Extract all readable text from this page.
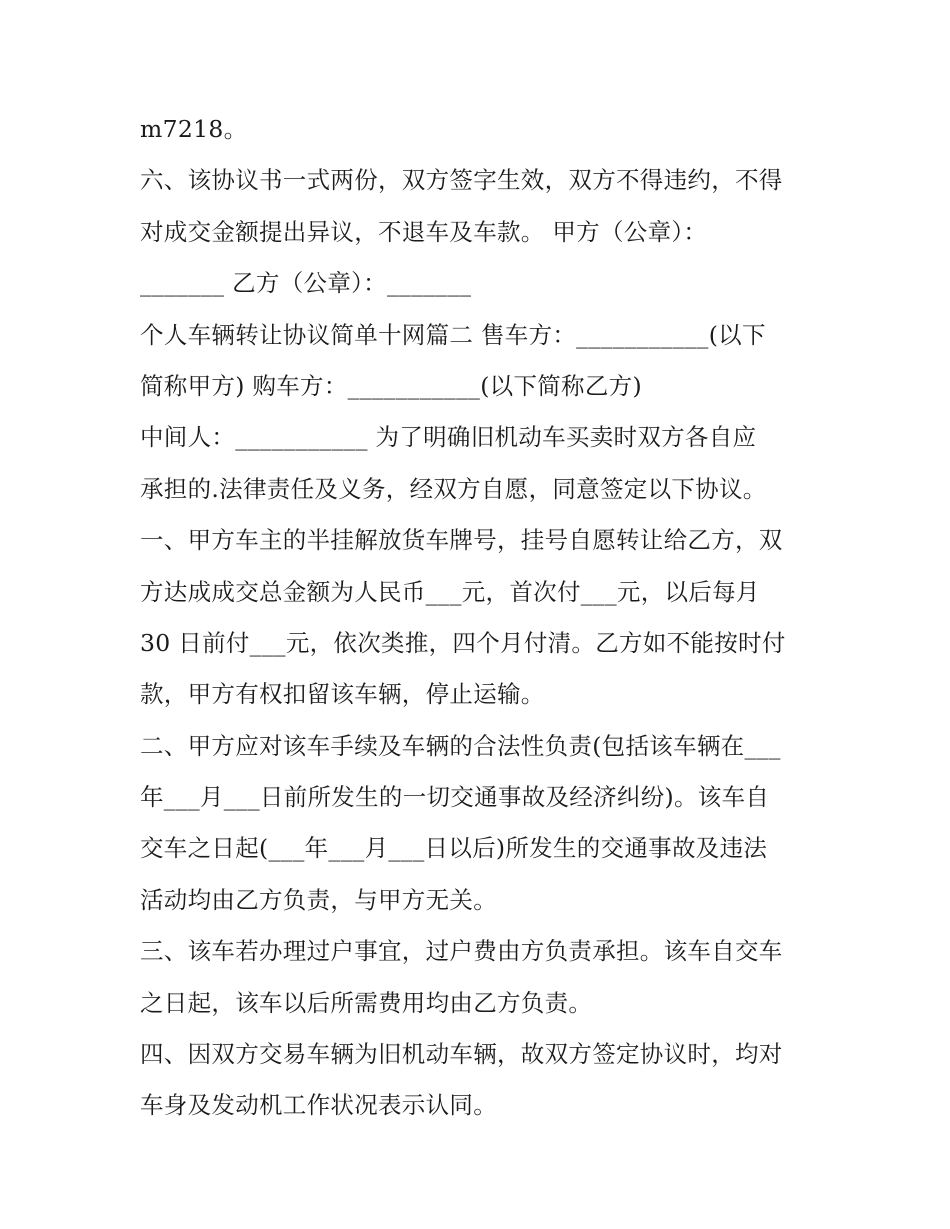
m7218。
六、该协议书一式两份，双方签字生效，双方不得违约，不得
对成交金额提出异议，不退车及车款。 甲方（公章）：
_______ 乙方（公章）：_______
个人车辆转让协议简单十网篇二 售车方：___________(以下
简称甲方) 购车方：___________(以下简称乙方)
中间人：___________ 为了明确旧机动车买卖时双方各自应
承担的.法律责任及义务，经双方自愿，同意签定以下协议。
一、甲方车主的半挂解放货车牌号，挂号自愿转让给乙方，双
方达成成交总金额为人民币___元，首次付___元，以后每月
30 日前付___元，依次类推，四个月付清。乙方如不能按时付
款，甲方有权扣留该车辆，停止运输。
二、甲方应对该车手续及车辆的合法性负责(包括该车辆在___
年___月___日前所发生的一切交通事故及经济纠纷)。该车自
交车之日起(___年___月___日以后)所发生的交通事故及违法
活动均由乙方负责，与甲方无关。
三、该车若办理过户事宜，过户费由方负责承担。该车自交车
之日起，该车以后所需费用均由乙方负责。
四、因双方交易车辆为旧机动车辆，故双方签定协议时，均对
车身及发动机工作状况表示认同。
